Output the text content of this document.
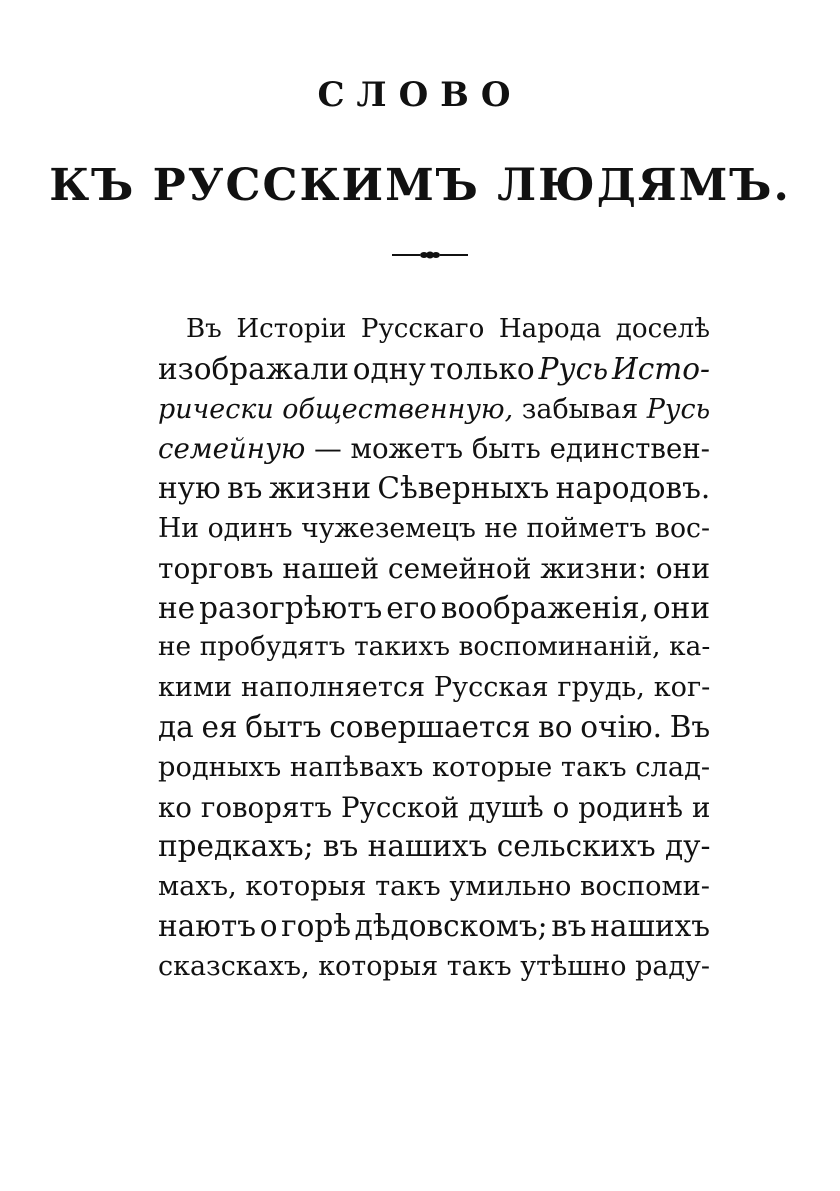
СЛОВО
КЪ РУССКИМЪ ЛЮДЯМЪ.
Въ Исторіи Русскаго Народа доселѣ
изображали одну только Русь Исто-
рически общественную, забывая Русь
семейную — можетъ быть единствен-
ную въ жизни Сѣверныхъ народовъ.
Ни одинъ чужеземецъ не пойметъ вос-
торговъ нашей семейной жизни: они
не разогрѣютъ его воображенія, они
не пробудятъ такихъ воспоминаній, ка-
кими наполняется Русская грудь, ког-
да ея бытъ совершается во очію. Въ
родныхъ напѣвахъ которые такъ слад-
ко говорятъ Русской душѣ о родинѣ и
предкахъ; въ нашихъ сельскихъ ду-
махъ, которыя такъ умильно воспоми-
наютъ о горѣ дѣдовскомъ; въ нашихъ
сказскахъ, которыя такъ утѣшно раду-
